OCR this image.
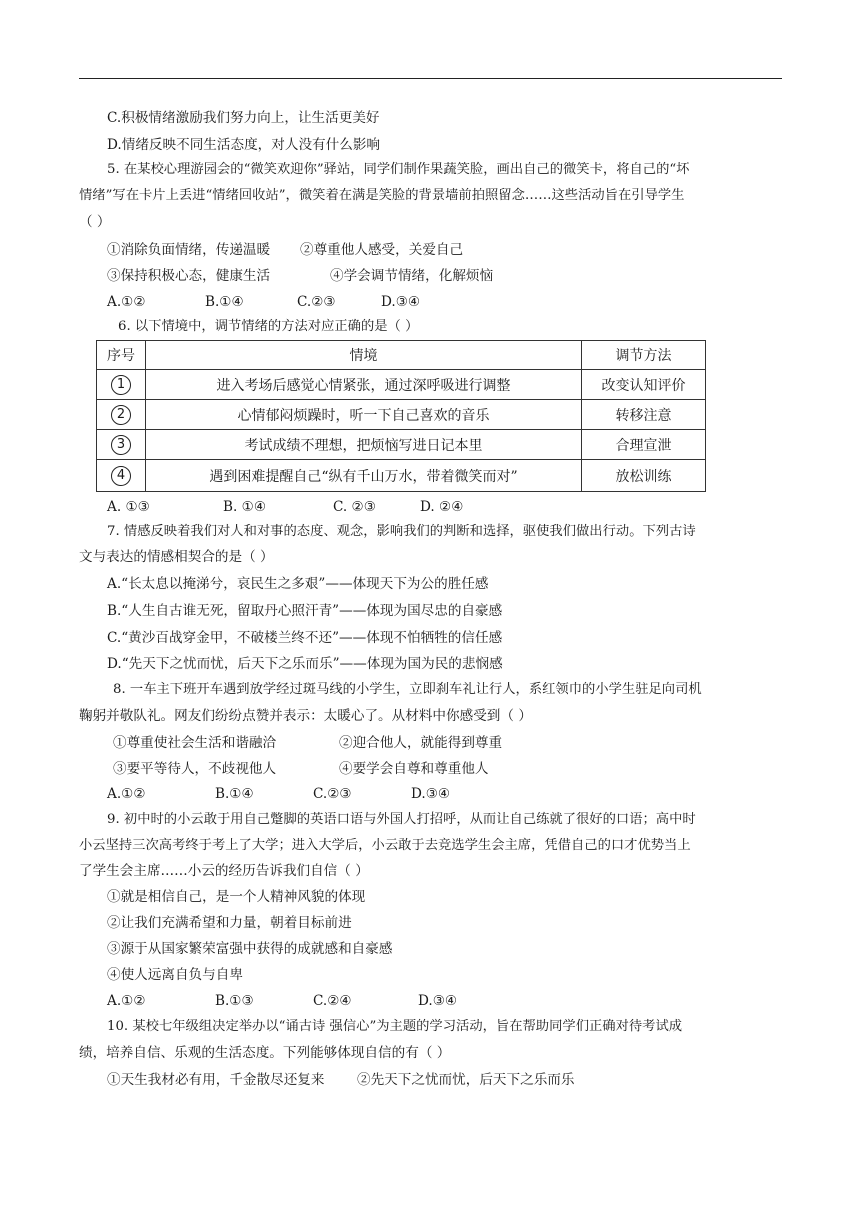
C.积极情绪激励我们努力向上，让生活更美好
D.情绪反映不同生活态度，对人没有什么影响
5. 在某校心理游园会的“微笑欢迎你”驿站，同学们制作果蔬笑脸，画出自己的微笑卡，将自己的“坏
情绪”写在卡片上丢进“情绪回收站”，微笑着在满是笑脸的背景墙前拍照留念……这些活动旨在引导学生
（ ）
①消除负面情绪，传递温暖 ②尊重他人感受，关爱自己
③保持积极心态，健康生活	④学会调节情绪，化解烦恼
A.①②	B.①④	C.②③	D.③④
6. 以下情境中，调节情绪的方法对应正确的是（ ）
序号	情境	调节方法
1	进入考场后感觉心情紧张，通过深呼吸进行调整	改变认知评价
2	心情郁闷烦躁时，听一下自己喜欢的音乐	转移注意
3	考试成绩不理想，把烦恼写进日记本里	合理宣泄
4	遇到困难提醒自己“纵有千山万水，带着微笑而对”	放松训练
A. ①③	B. ①④	C. ②③	D. ②④
7. 情感反映着我们对人和对事的态度、观念，影响我们的判断和选择，驱使我们做出行动。下列古诗
文与表达的情感相契合的是（ ）
A.“长太息以掩涕兮，哀民生之多艰”——体现天下为公的胜任感
B.“人生自古谁无死，留取丹心照汗青”——体现为国尽忠的自豪感
C.“黄沙百战穿金甲，不破楼兰终不还”——体现不怕牺牲的信任感
D.“先天下之忧而忧，后天下之乐而乐”——体现为国为民的悲悯感
8. 一车主下班开车遇到放学经过斑马线的小学生，立即刹车礼让行人，系红领巾的小学生驻足向司机
鞠躬并敬队礼。网友们纷纷点赞并表示：太暖心了。从材料中你感受到（ ）
①尊重使社会生活和谐融洽	②迎合他人，就能得到尊重
③要平等待人，不歧视他人	④要学会自尊和尊重他人
A.①②	B.①④	C.②③	D.③④
9. 初中时的小云敢于用自己蹩脚的英语口语与外国人打招呼，从而让自己练就了很好的口语；高中时
小云坚持三次高考终于考上了大学；进入大学后，小云敢于去竞选学生会主席，凭借自己的口才优势当上
了学生会主席……小云的经历告诉我们自信（ ）
①就是相信自己，是一个人精神风貌的体现
②让我们充满希望和力量，朝着目标前进
③源于从国家繁荣富强中获得的成就感和自豪感
④使人远离自负与自卑
A.①②	B.①③	C.②④	D.③④
10. 某校七年级组决定举办以“诵古诗 强信心”为主题的学习活动，旨在帮助同学们正确对待考试成
绩，培养自信、乐观的生活态度。下列能够体现自信的有（ ）
①天生我材必有用，千金散尽还复来 ②先天下之忧而忧，后天下之乐而乐
